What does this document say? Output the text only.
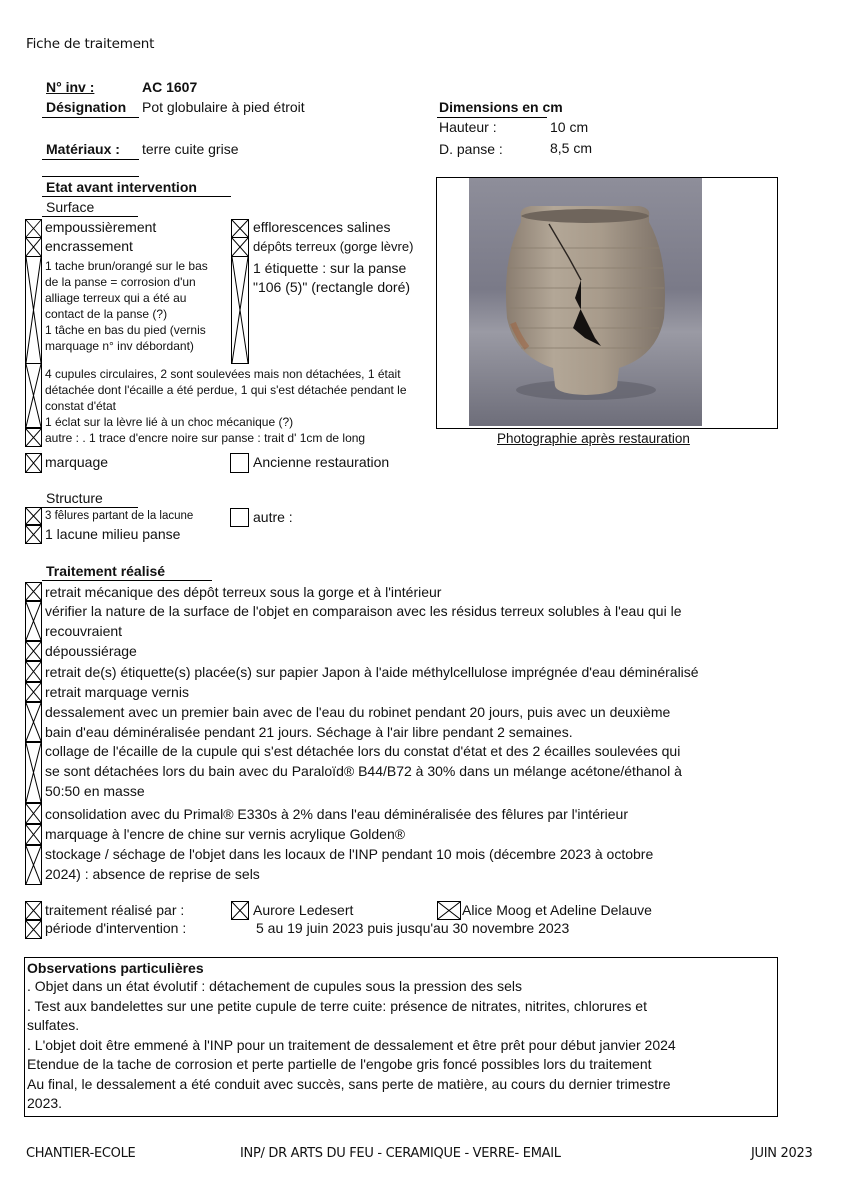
Fiche de traitement
N° inv :	AC 1607
Désignation Pot globulaire à pied étroit
Matériaux : terre cuite grise
Dimensions en cm
Hauteur :	10 cm
D. panse :	8,5 cm
Photographie après restauration
Etat avant intervention
Surface
empoussièrement
encrassement
1 tache brun/orangé sur le bas
de la panse = corrosion d'un
alliage terreux qui a été au
contact de la panse (?)
1 tâche en bas du pied (vernis
marquage n° inv débordant)
efflorescences salines
dépôts terreux (gorge lèvre)
1 étiquette : sur la panse
"106 (5)" (rectangle doré)
4 cupules circulaires, 2 sont soulevées mais non détachées, 1 était
détachée dont l'écaille a été perdue, 1 qui s'est détachée pendant le
constat d'état
1 éclat sur la lèvre lié à un choc mécanique (?)
autre : . 1 trace d'encre noire sur panse : trait d' 1cm de long
marquage	Ancienne restauration
Structure
3 fêlures partant de la lacune
1 lacune milieu panse
autre :
Traitement réalisé
retrait mécanique des dépôt terreux sous la gorge et à l'intérieur
vérifier la nature de la surface de l'objet en comparaison avec les résidus terreux solubles à l'eau qui le
recouvraient
dépoussiérage
retrait de(s) étiquette(s) placée(s) sur papier Japon à l'aide méthylcellulose imprégnée d'eau déminéralisé
retrait marquage vernis
dessalement avec un premier bain avec de l'eau du robinet pendant 20 jours, puis avec un deuxième
bain d'eau déminéralisée pendant 21 jours. Séchage à l'air libre pendant 2 semaines.
collage de l'écaille de la cupule qui s'est détachée lors du constat d'état et des 2 écailles soulevées qui
se sont détachées lors du bain avec du Paraloïd® B44/B72 à 30% dans un mélange acétone/éthanol à
50:50 en masse
consolidation avec du Primal® E330s à 2% dans l'eau déminéralisée des fêlures par l'intérieur
marquage à l'encre de chine sur vernis acrylique Golden®
stockage / séchage de l'objet dans les locaux de l'INP pendant 10 mois (décembre 2023 à octobre
2024) : absence de reprise de sels
traitement réalisé par :	Aurore Ledesert	Alice Moog et Adeline Delauve
période d'intervention :	5 au 19 juin 2023 puis jusqu'au 30 novembre 2023
Observations particulières
. Objet dans un état évolutif : détachement de cupules sous la pression des sels
. Test aux bandelettes sur une petite cupule de terre cuite: présence de nitrates, nitrites, chlorures et
sulfates.
. L'objet doit être emmené à l'INP pour un traitement de dessalement et être prêt pour début janvier 2024
Etendue de la tache de corrosion et perte partielle de l'engobe gris foncé possibles lors du traitement
Au final, le dessalement a été conduit avec succès, sans perte de matière, au cours du dernier trimestre
2023.
CHANTIER-ECOLE	INP/ DR ARTS DU FEU - CERAMIQUE - VERRE- EMAIL	JUIN 2023
